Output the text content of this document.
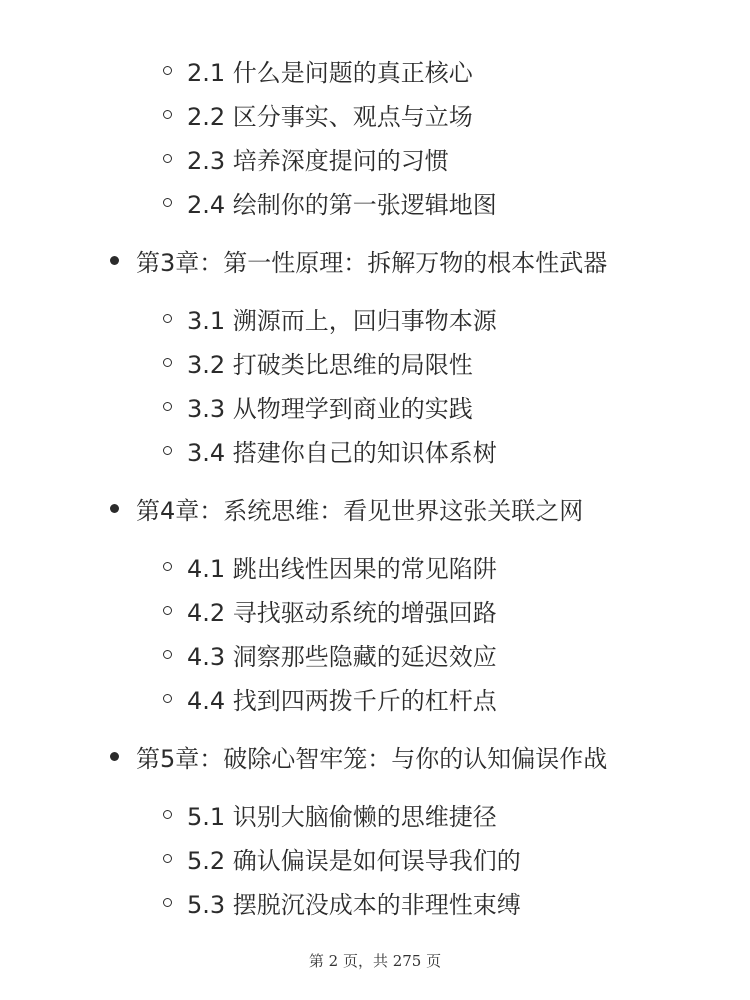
2.1 什么是问题的真正核心
2.2 区分事实、观点与立场
2.3 培养深度提问的习惯
2.4 绘制你的第一张逻辑地图
第3章：第一性原理：拆解万物的根本性武器
3.1 溯源而上，回归事物本源
3.2 打破类比思维的局限性
3.3 从物理学到商业的实践
3.4 搭建你自己的知识体系树
第4章：系统思维：看见世界这张关联之网
4.1 跳出线性因果的常见陷阱
4.2 寻找驱动系统的增强回路
4.3 洞察那些隐藏的延迟效应
4.4 找到四两拨千斤的杠杆点
第5章：破除心智牢笼：与你的认知偏误作战
5.1 识别大脑偷懒的思维捷径
5.2 确认偏误是如何误导我们的
5.3 摆脱沉没成本的非理性束缚
第 2 页，共 275 页
